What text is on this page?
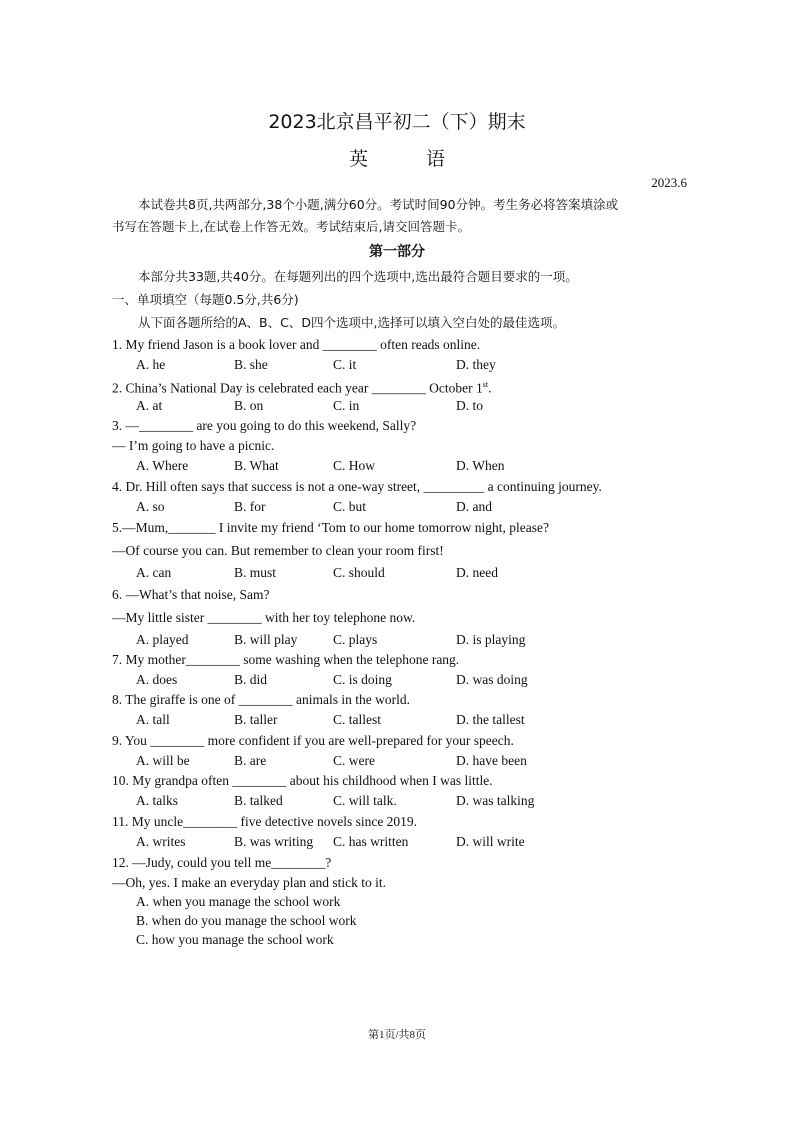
2023北京昌平初二（下）期末
英 语
2023.6
本试卷共8页,共两部分,38个小题,满分60分。考试时间90分钟。考生务必将答案填涂或
书写在答题卡上,在试卷上作答无效。考试结束后,请交回答题卡。
第一部分
本部分共33题,共40分。在每题列出的四个选项中,选出最符合题目要求的一项。
一、单项填空（每题0.5分,共6分)
从下面各题所给的A、B、C、D四个选项中,选择可以填入空白处的最佳选项。
1. My friend Jason is a book lover and ________ often reads online.
A. he	B. she	C. it	D. they
2. China’s National Day is celebrated each year ________ October 1st.
A. at	B. on	C. in	D. to
3. —________ are you going to do this weekend, Sally?
— I’m going to have a picnic.
A. Where	B. What	C. How	D. When
4. Dr. Hill often says that success is not a one-way street, _________ a continuing journey.
A. so	B. for	C. but	D. and
5.—Mum,_______ I invite my friend ‘Tom to our home tomorrow night, please?
—Of course you can. But remember to clean your room first!
A. can	B. must	C. should	D. need
6. —What’s that noise, Sam?
—My little sister ________ with her toy telephone now.
A. played	B. will play	C. plays	D. is playing
7. My mother________ some washing when the telephone rang.
A. does	B. did	C. is doing	D. was doing
8. The giraffe is one of ________ animals in the world.
A. tall	B. taller	C. tallest	D. the tallest
9. You ________ more confident if you are well-prepared for your speech.
A. will be	B. are	C. were	D. have been
10. My grandpa often ________ about his childhood when I was little.
A. talks	B. talked	C. will talk.	D. was talking
11. My uncle________ five detective novels since 2019.
A. writes	B. was writing C. has written	D. will write
12. —Judy, could you tell me________?
—Oh, yes. I make an everyday plan and stick to it.
A. when you manage the school work
B. when do you manage the school work
C. how you manage the school work
第1页/共8页
